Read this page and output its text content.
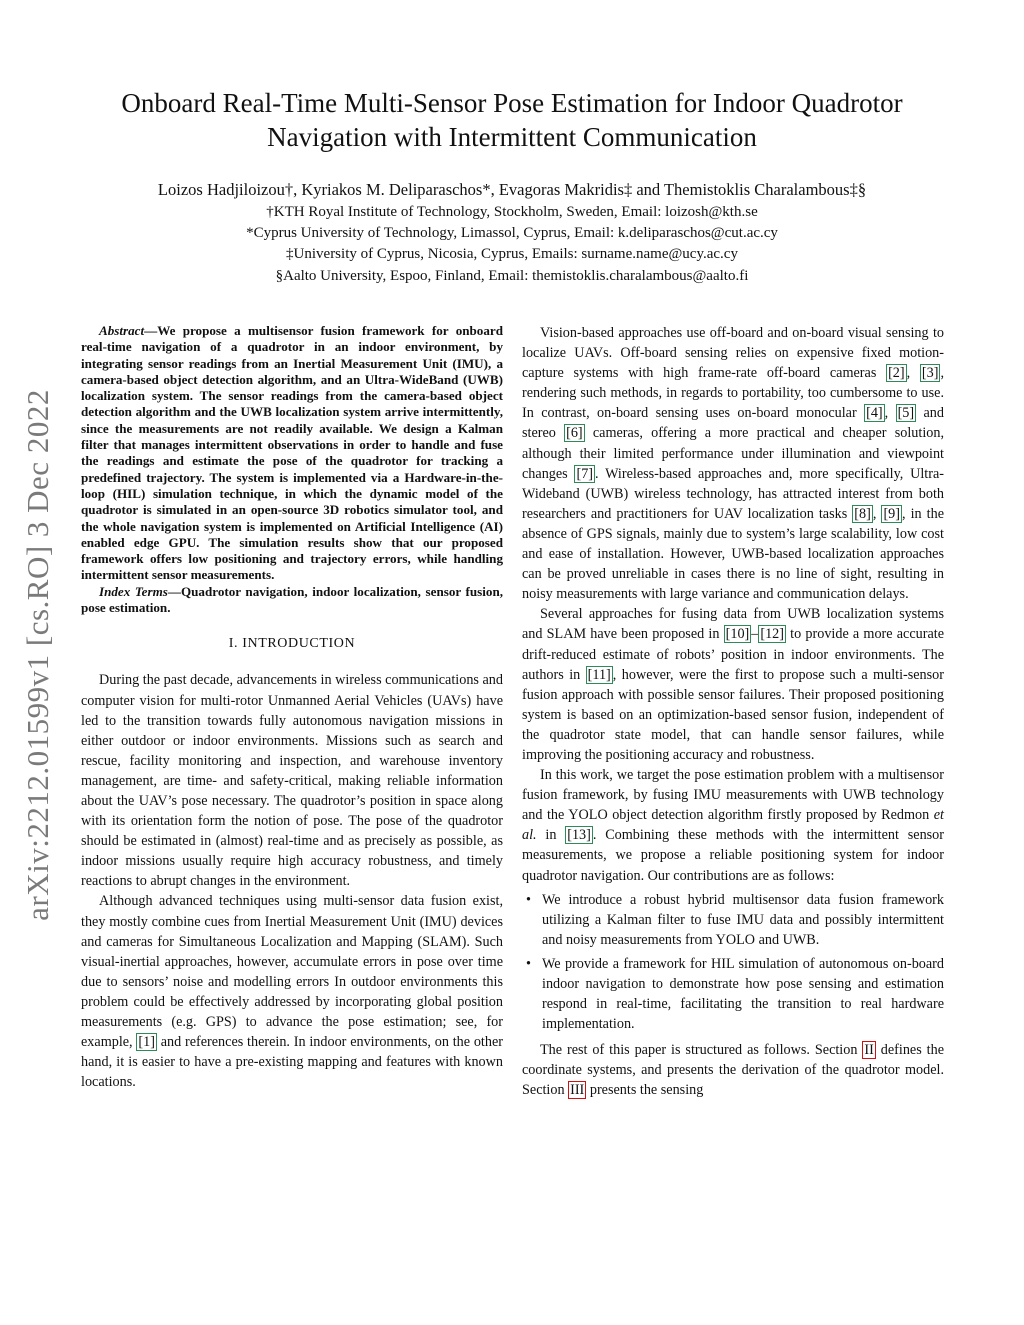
arXiv:2212.01599v1 [cs.RO] 3 Dec 2022
Onboard Real-Time Multi-Sensor Pose Estimation for Indoor Quadrotor
Navigation with Intermittent Communication
Loizos Hadjiloizou†, Kyriakos M. Deliparaschos*, Evagoras Makridis‡ and Themistoklis Charalambous‡§
†KTH Royal Institute of Technology, Stockholm, Sweden, Email: loizosh@kth.se
*Cyprus University of Technology, Limassol, Cyprus, Email: k.deliparaschos@cut.ac.cy
‡University of Cyprus, Nicosia, Cyprus, Emails: surname.name@ucy.ac.cy
§Aalto University, Espoo, Finland, Email: themistoklis.charalambous@aalto.fi

Abstract—We propose a multisensor fusion framework for onboard real-time navigation of a quadrotor in an indoor environment, by integrating sensor readings from an Inertial Measurement Unit (IMU), a camera-based object detection algorithm, and an Ultra-WideBand (UWB) localization system. The sensor readings from the camera-based object detection algorithm and the UWB localization system arrive intermittently, since the measurements are not readily available. We design a Kalman filter that manages intermittent observations in order to handle and fuse the readings and estimate the pose of the quadrotor for tracking a predefined trajectory. The system is implemented via a Hardware-in-the-loop (HIL) simulation technique, in which the dynamic model of the quadrotor is simulated in an open-source 3D robotics simulator tool, and the whole navigation system is implemented on Artificial Intelligence (AI) enabled edge GPU. The simulation results show that our proposed framework offers low positioning and trajectory errors, while handling intermittent sensor measurements.

Index Terms—Quadrotor navigation, indoor localization, sensor fusion, pose estimation.

I. INTRODUCTION

During the past decade, advancements in wireless communications and computer vision for multi-rotor Unmanned Aerial Vehicles (UAVs) have led to the transition towards fully autonomous navigation missions in either outdoor or indoor environments. Missions such as search and rescue, facility monitoring and inspection, and warehouse inventory management, are time- and safety-critical, making reliable information about the UAV’s pose necessary. The quadrotor’s position in space along with its orientation form the notion of pose. The pose of the quadrotor should be estimated in (almost) real-time and as precisely as possible, as indoor missions usually require high accuracy robustness, and timely reactions to abrupt changes in the environment.

Although advanced techniques using multi-sensor data fusion exist, they mostly combine cues from Inertial Measurement Unit (IMU) devices and cameras for Simultaneous Localization and Mapping (SLAM). Such visual-inertial approaches, however, accumulate errors in pose over time due to sensors’ noise and modelling errors In outdoor environments this problem could be effectively addressed by incorporating global position measurements (e.g. GPS) to advance the pose estimation; see, for example, [1] and references therein. In indoor environments, on the other hand, it is easier to have a pre-existing mapping and features with known locations.

Vision-based approaches use off-board and on-board visual sensing to localize UAVs. Off-board sensing relies on expensive fixed motion-capture systems with high frame-rate off-board cameras [2] , [3] , rendering such methods, in regards to portability, too cumbersome to use. In contrast, on-board sensing uses on-board monocular [4] , [5] and stereo [6] cameras, offering a more practical and cheaper solution, although their limited performance under illumination and viewpoint changes [7] . Wireless-based approaches and, more specifically, Ultra-Wideband (UWB) wireless technology, has attracted interest from both researchers and practitioners for UAV localization tasks [8] , [9] , in the absence of GPS signals, mainly due to system’s large scalability, low cost and ease of installation. However, UWB-based localization approaches can be proved unreliable in cases there is no line of sight, resulting in noisy measurements with large variance and communication delays.

Several approaches for fusing data from UWB localization systems and SLAM have been proposed in [10] – [12] to provide a more accurate drift-reduced estimate of robots’ position in indoor environments. The authors in [11] , however, were the first to propose such a multi-sensor fusion approach with possible sensor failures. Their proposed positioning system is based on an optimization-based sensor fusion, independent of the quadrotor state model, that can handle sensor failures, while improving the positioning accuracy and robustness.

In this work, we target the pose estimation problem with a multisensor fusion framework, by fusing IMU measurements with UWB technology and the YOLO object detection algorithm firstly proposed by Redmon et al. in [13] . Combining these methods with the intermittent sensor measurements, we propose a reliable positioning system for indoor quadrotor navigation. Our contributions are as follows:

• We introduce a robust hybrid multisensor data fusion framework utilizing a Kalman filter to fuse IMU data and possibly intermittent and noisy measurements from YOLO and UWB.
• We provide a framework for HIL simulation of autonomous on-board indoor navigation to demonstrate how pose sensing and estimation respond in real-time, facilitating the transition to real hardware implementation.

The rest of this paper is structured as follows. Section II defines the coordinate systems, and presents the derivation of the quadrotor model. Section III presents the sensing
